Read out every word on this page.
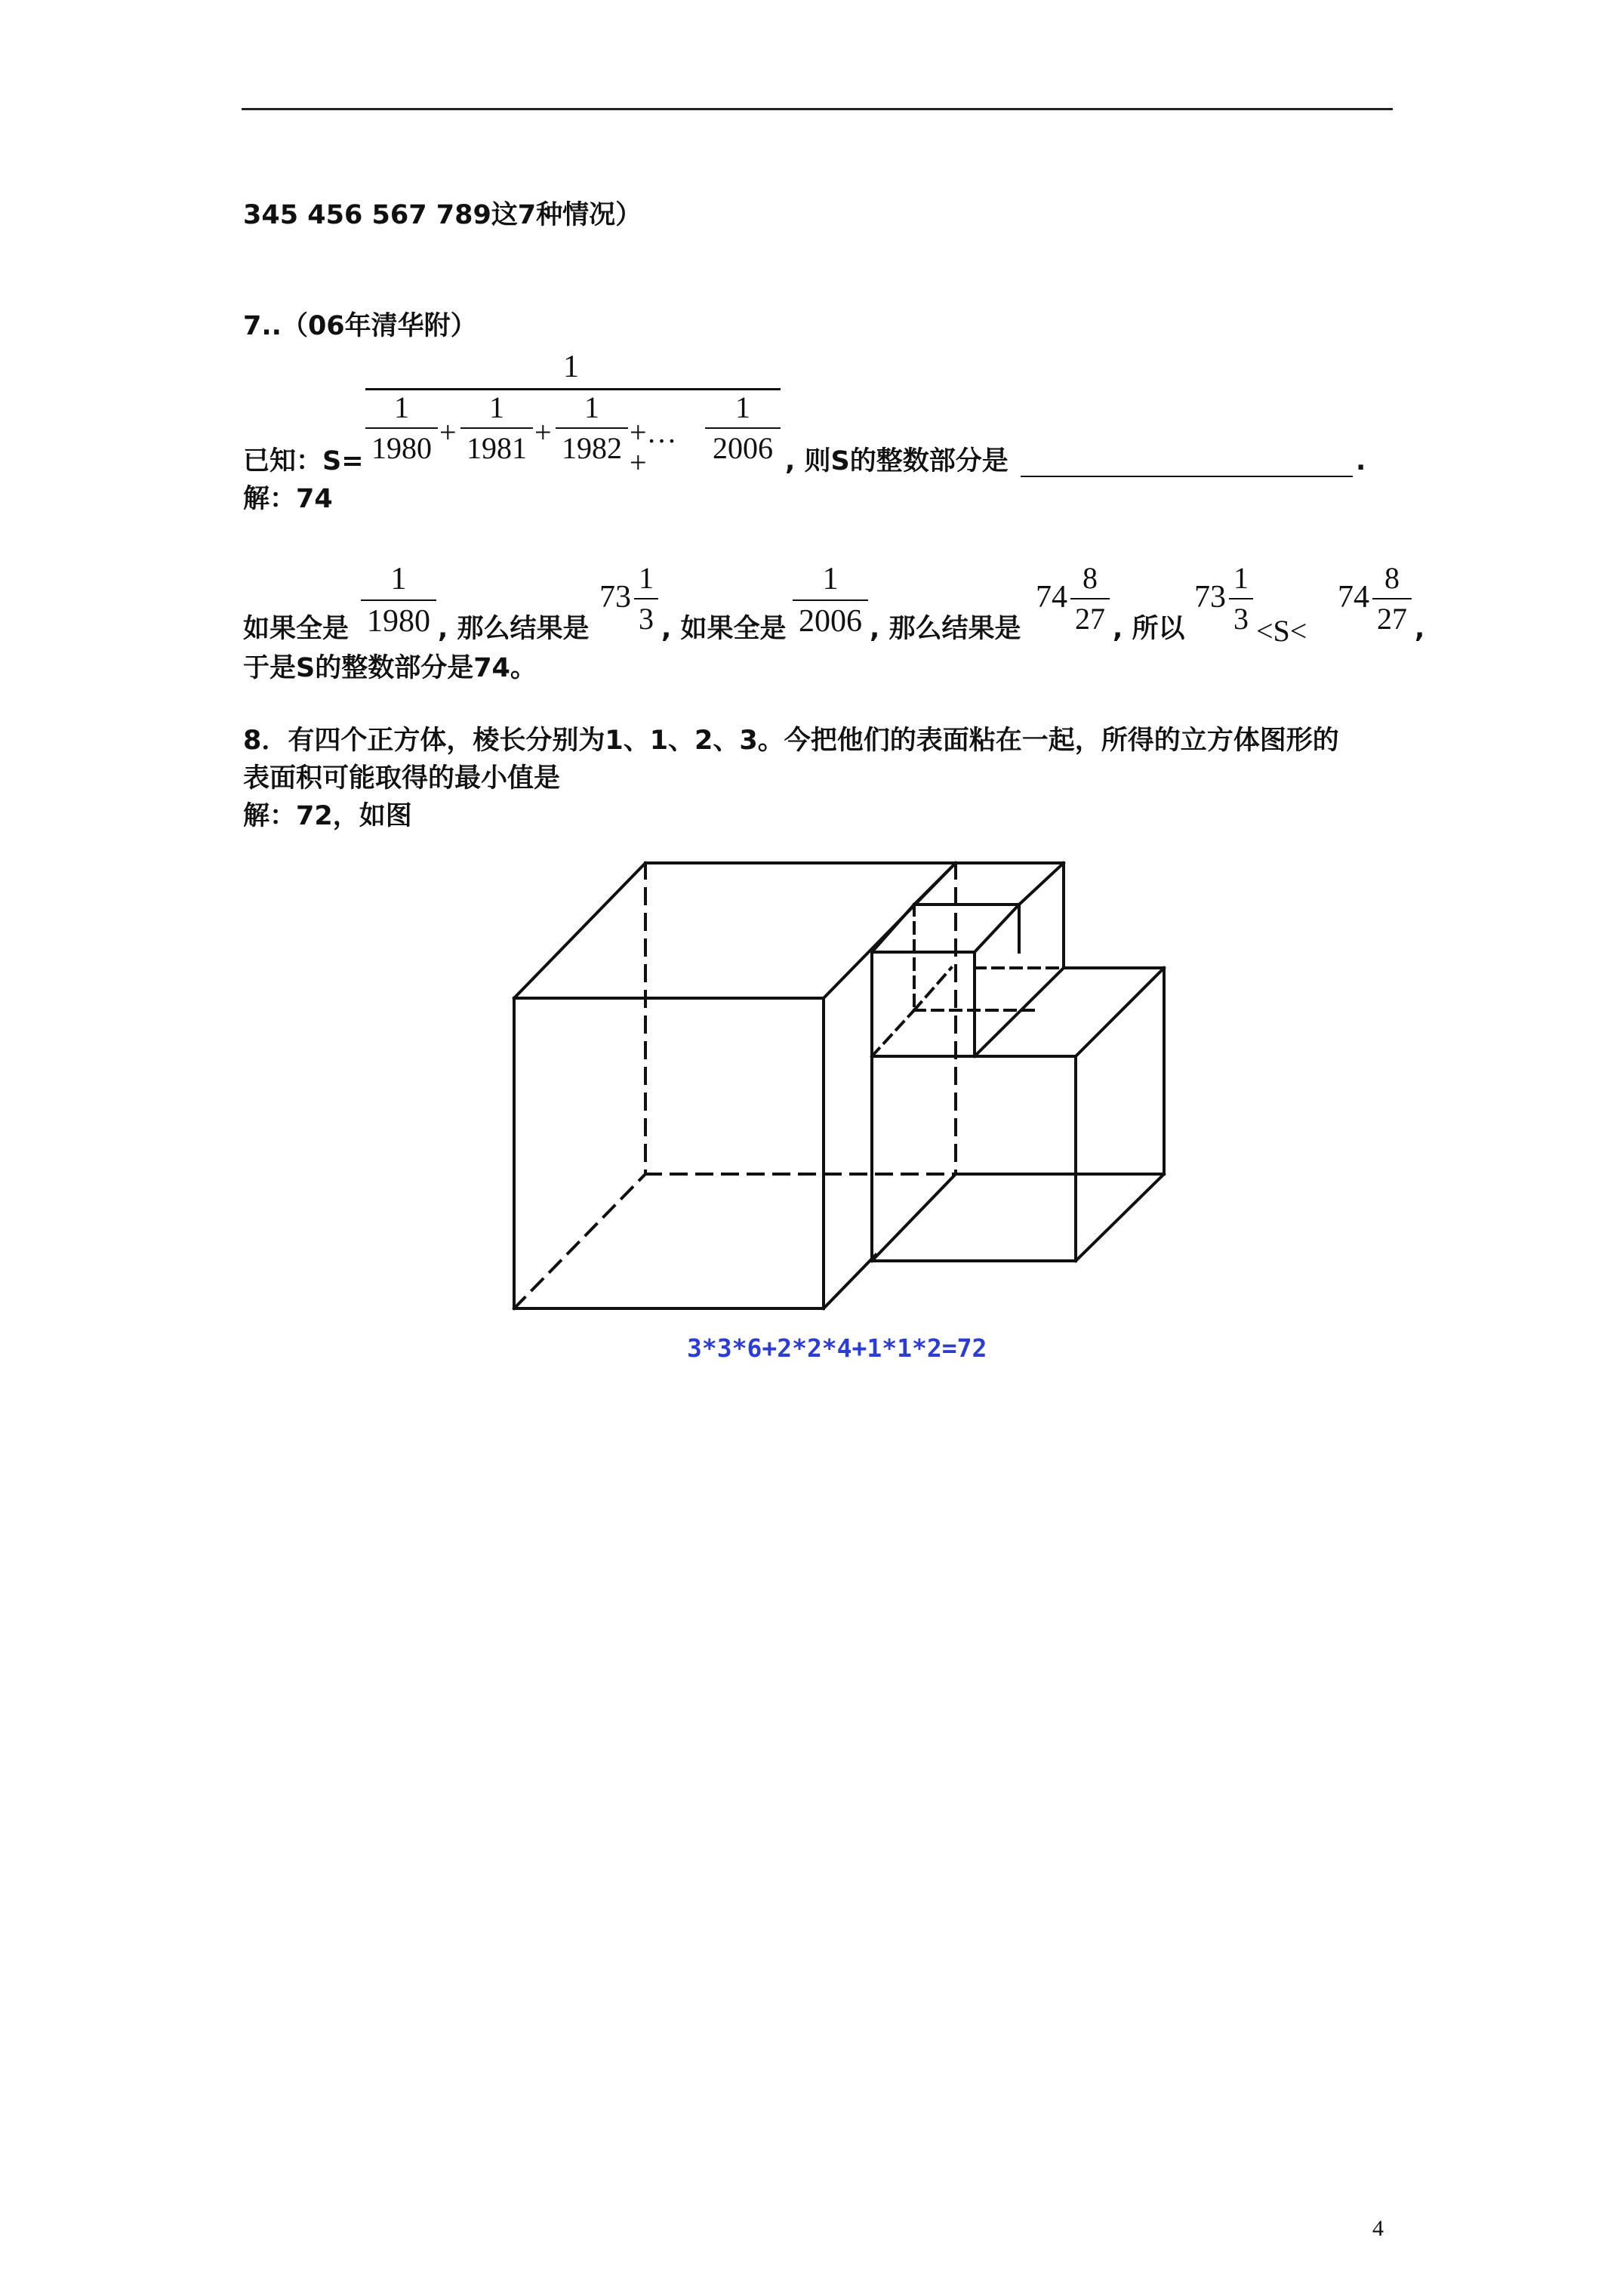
345 456 567 789这7种情况）
7..（06年清华附）
已知：S=
1
1
1980 +
1
1981 +
1
1982 +…+
1
2006 , 则S的整数部分是	.
解：74
如果全是
1
1980 , 那么结果是
73
1
3 , 如果全是
1
2006 , 那么结果是
74
8
27 , 所以
73
1
3 <S<
74
8
27 ,
于是S的整数部分是74。
8．有四个正方体，棱长分别为1、1、2、3。今把他们的表面粘在一起，所得的立方体图形的
表面积可能取得的最小值是
解：72，如图
3*3*6+2*2*4+1*1*2=72
4
